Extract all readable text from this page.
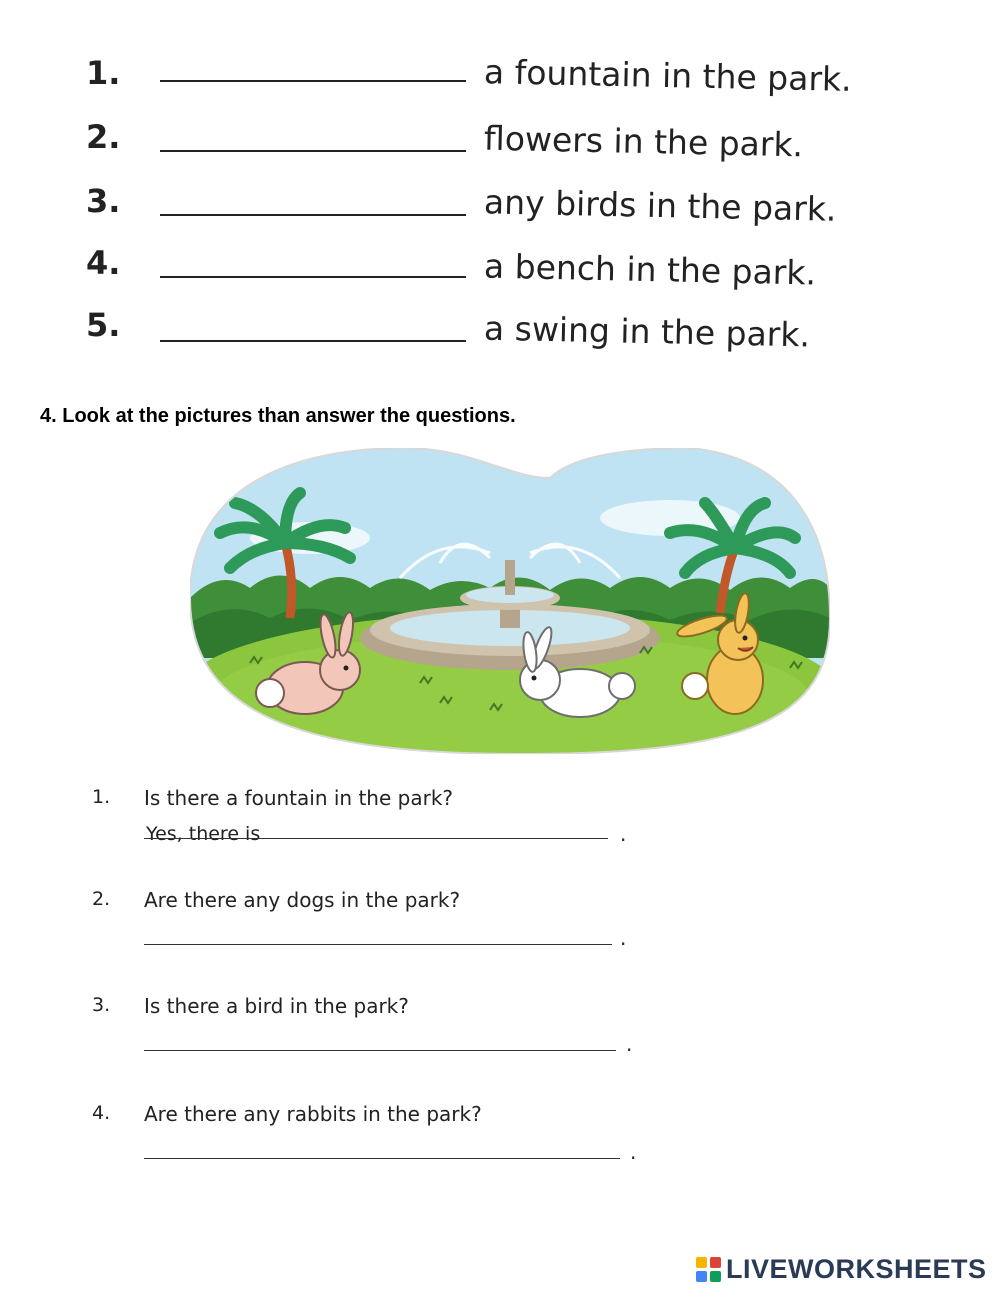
1.	a fountain in the park.
2.	flowers in the park.
3.	any birds in the park.
4.	a bench in the park.
5.	a swing in the park.
4. Look at the pictures than answer the questions.
1. Is there a fountain in the park?
Yes, there is
.
2. Are there any dogs in the park?
.
3. Is there a bird in the park?
.
4. Are there any rabbits in the park?
.
LIVEWORKSHEETS
